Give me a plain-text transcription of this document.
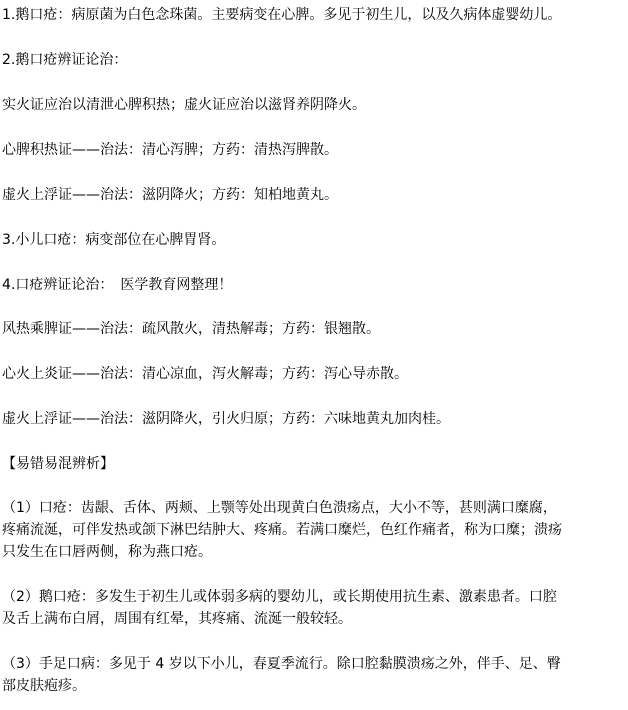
1.鹅口疮：病原菌为白色念珠菌。主要病变在心脾。多见于初生儿，以及久病体虚婴幼儿。
2.鹅口疮辨证论治：
实火证应治以清泄心脾积热；虚火证应治以滋肾养阴降火。
心脾积热证——治法：清心泻脾；方药：清热泻脾散。
虚火上浮证——治法：滋阴降火；方药：知柏地黄丸。
3.小儿口疮：病变部位在心脾胃肾。
4.口疮辨证论治：　医学教育网整理！
风热乘脾证——治法：疏风散火，清热解毒；方药：银翘散。
心火上炎证——治法：清心凉血，泻火解毒；方药：泻心导赤散。
虚火上浮证——治法：滋阴降火，引火归原；方药：六味地黄丸加肉桂。
【易错易混辨析】
（1）口疮：齿龈、舌体、两颊、上颚等处出现黄白色溃疡点，大小不等，甚则满口糜腐，
疼痛流涎，可伴发热或颌下淋巴结肿大、疼痛。若满口糜烂，色红作痛者，称为口糜；溃疡
只发生在口唇两侧，称为燕口疮。
（2）鹅口疮：多发生于初生儿或体弱多病的婴幼儿，或长期使用抗生素、激素患者。口腔
及舌上满布白屑，周围有红晕，其疼痛、流涎一般较轻。
（3）手足口病：多见于 4 岁以下小儿，春夏季流行。除口腔黏膜溃疡之外，伴手、足、臀
部皮肤疱疹。
